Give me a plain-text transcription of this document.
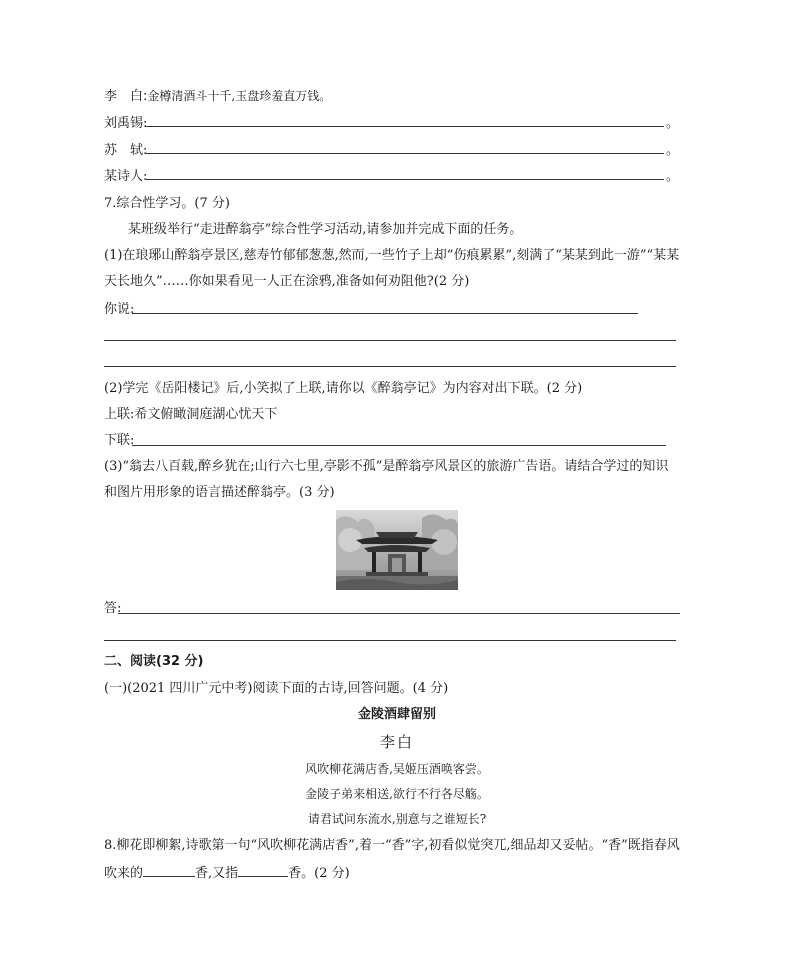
李　白:金樽清酒斗十千,玉盘珍羞直万钱。
刘禹锡:	。
苏　轼:	。
某诗人:	。
7.综合性学习。(7 分)
某班级举行“走进醉翁亭”综合性学习活动,请参加并完成下面的任务。
(1)在琅琊山醉翁亭景区,慈寿竹郁郁葱葱,然而,一些竹子上却“伤痕累累”,刻满了“某某到此一游”“某某
天长地久”……你如果看见一人正在涂鸦,准备如何劝阻他?(2 分)
你说:
(2)学完《岳阳楼记》后,小笑拟了上联,请你以《醉翁亭记》为内容对出下联。(2 分)
上联:希文俯瞰洞庭湖心忧天下
下联:
(3)“翁去八百载,醉乡犹在;山行六七里,亭影不孤”是醉翁亭风景区的旅游广告语。请结合学过的知识
和图片用形象的语言描述醉翁亭。(3 分)
答:
二、阅读(32 分)
(一)(2021 四川广元中考)阅读下面的古诗,回答问题。(4 分)
金陵酒肆留别
李白
风吹柳花满店香,吴姬压酒唤客尝。
金陵子弟来相送,欲行不行各尽觞。
请君试问东流水,别意与之谁短长?
8.柳花即柳絮,诗歌第一句“风吹柳花满店香”,着一“香”字,初看似觉突兀,细品却又妥帖。“香”既指春风
吹来的	香,又指	香。(2 分)
